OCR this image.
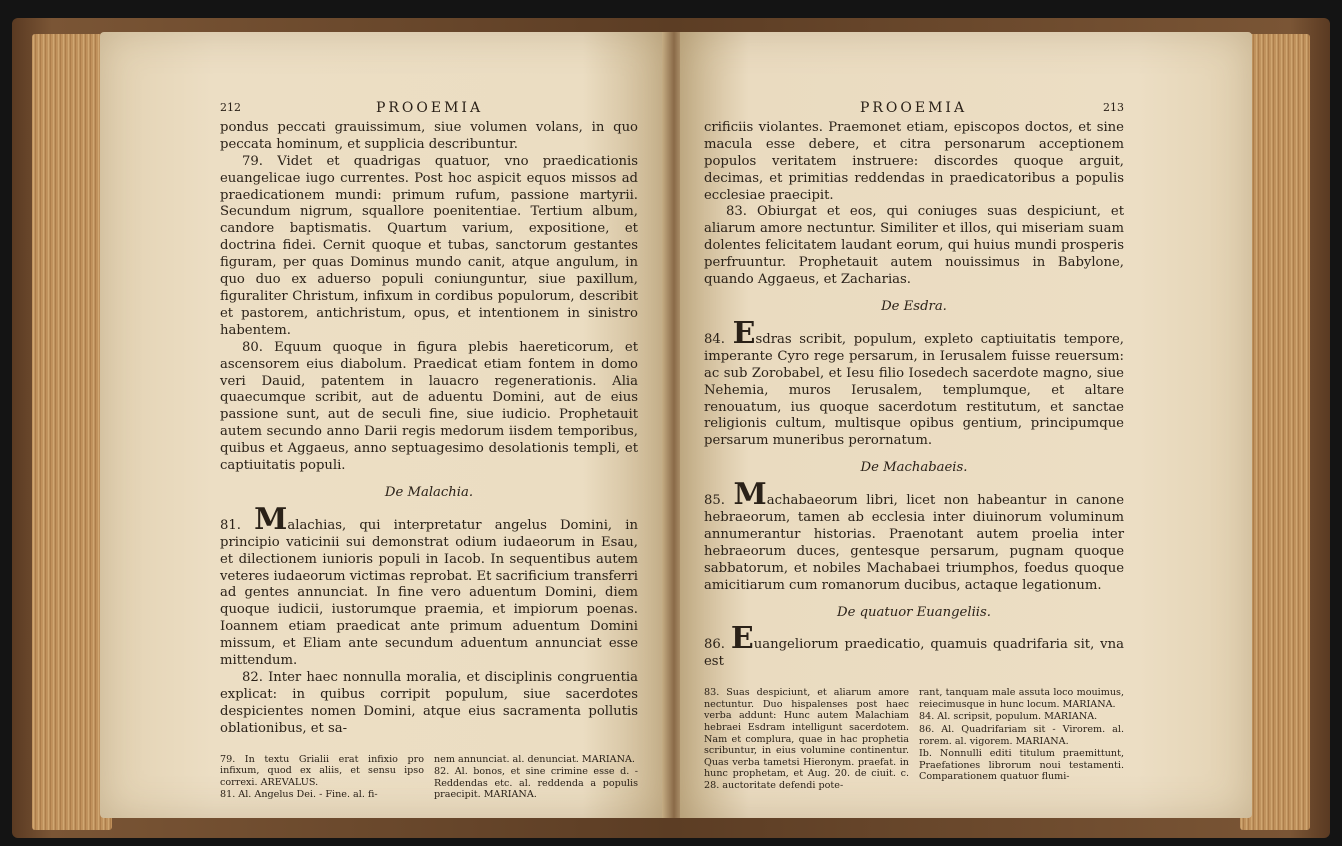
212	PROOEMIA

pondus peccati grauissimum, siue volumen volans, in quo peccata hominum, et supplicia describuntur.

79. Videt et quadrigas quatuor, vno praedicationis euangelicae iugo currentes. Post hoc aspicit equos missos ad praedicationem mundi: primum rufum, passione martyrii. Secundum nigrum, squallore poenitentiae. Tertium album, candore baptismatis. Quartum varium, expositione, et doctrina fidei. Cernit quoque et tubas, sanctorum gestantes figuram, per quas Dominus mundo canit, atque angulum, in quo duo ex aduerso populi coniunguntur, siue paxillum, figuraliter Christum, infixum in cordibus populorum, describit et pastorem, antichristum, opus, et intentionem in sinistro habentem.

80. Equum quoque in figura plebis haereticorum, et ascensorem eius diabolum. Praedicat etiam fontem in domo veri Dauid, patentem in lauacro regenerationis. Alia quaecumque scribit, aut de aduentu Domini, aut de eius passione sunt, aut de seculi fine, siue iudicio. Prophetauit autem secundo anno Darii regis medorum iisdem temporibus, quibus et Aggaeus, anno septuagesimo desolationis templi, et captiuitatis populi.

De Malachia.

81. Malachias, qui interpretatur angelus Domini, in principio vaticinii sui demonstrat odium iudaeorum in Esau, et dilectionem iunioris populi in Iacob. In sequentibus autem veteres iudaeorum victimas reprobat. Et sacrificium transferri ad gentes annunciat. In fine vero aduentum Domini, diem quoque iudicii, iustorumque praemia, et impiorum poenas. Ioannem etiam praedicat ante primum aduentum Domini missum, et Eliam ante secundum aduentum annunciat esse mittendum.

82. Inter haec nonnulla moralia, et disciplinis congruentia explicat: in quibus corripit populum, siue sacerdotes despicientes nomen Domini, atque eius sacramenta pollutis oblationibus, et sa-

79. In textu Grialii erat infixio pro infixum, quod ex aliis, et sensu ipso correxi. AREVALUS.

81. Al. Angelus Dei. - Fine. al. fi-

nem annunciat. al. denunciat. MARIANA.

82. Al. bonos, et sine crimine esse d. - Reddendas etc. al. reddenda a populis praecipit. MARIANA.

PROOEMIA	213

crificiis violantes. Praemonet etiam, episcopos doctos, et sine macula esse debere, et citra personarum acceptionem populos veritatem instruere: discordes quoque arguit, decimas, et primitias reddendas in praedicatoribus a populis ecclesiae praecipit.

83. Obiurgat et eos, qui coniuges suas despiciunt, et aliarum amore nectuntur. Similiter et illos, qui miseriam suam dolentes felicitatem laudant eorum, qui huius mundi prosperis perfruuntur. Prophetauit autem nouissimus in Babylone, quando Aggaeus, et Zacharias.

De Esdra.

84. Esdras scribit, populum, expleto captiuitatis tempore, imperante Cyro rege persarum, in Ierusalem fuisse reuersum: ac sub Zorobabel, et Iesu filio Iosedech sacerdote magno, siue Nehemia, muros Ierusalem, templumque, et altare renouatum, ius quoque sacerdotum restitutum, et sanctae religionis cultum, multisque opibus gentium, principumque persarum muneribus perornatum.

De Machabaeis.

85. Machabaeorum libri, licet non habeantur in canone hebraeorum, tamen ab ecclesia inter diuinorum voluminum annumerantur historias. Praenotant autem proelia inter hebraeorum duces, gentesque persarum, pugnam quoque sabbatorum, et nobiles Machabaei triumphos, foedus quoque amicitiarum cum romanorum ducibus, actaque legationum.

De quatuor Euangeliis.

86. Euangeliorum praedicatio, quamuis quadrifaria sit, vna est

83. Suas despiciunt, et aliarum amore nectuntur. Duo hispalenses post haec verba addunt: Hunc autem Malachiam hebraei Esdram intelligunt sacerdotem. Nam et complura, quae in hac prophetia scribuntur, in eius volumine continentur. Quas verba tametsi Hieronym. praefat. in hunc prophetam, et Aug. 20. de ciuit. c. 28. auctoritate defendi pote-

rant, tanquam male assuta loco mouimus, reiecimusque in hunc locum. MARIANA.

84. Al. scripsit, populum. MARIANA.

86. Al. Quadrifariam sit - Virorem. al. rorem. al. vigorem. MARIANA.

Ib. Nonnulli editi titulum praemittunt, Praefationes librorum noui testamenti. Comparationem quatuor flumi-
